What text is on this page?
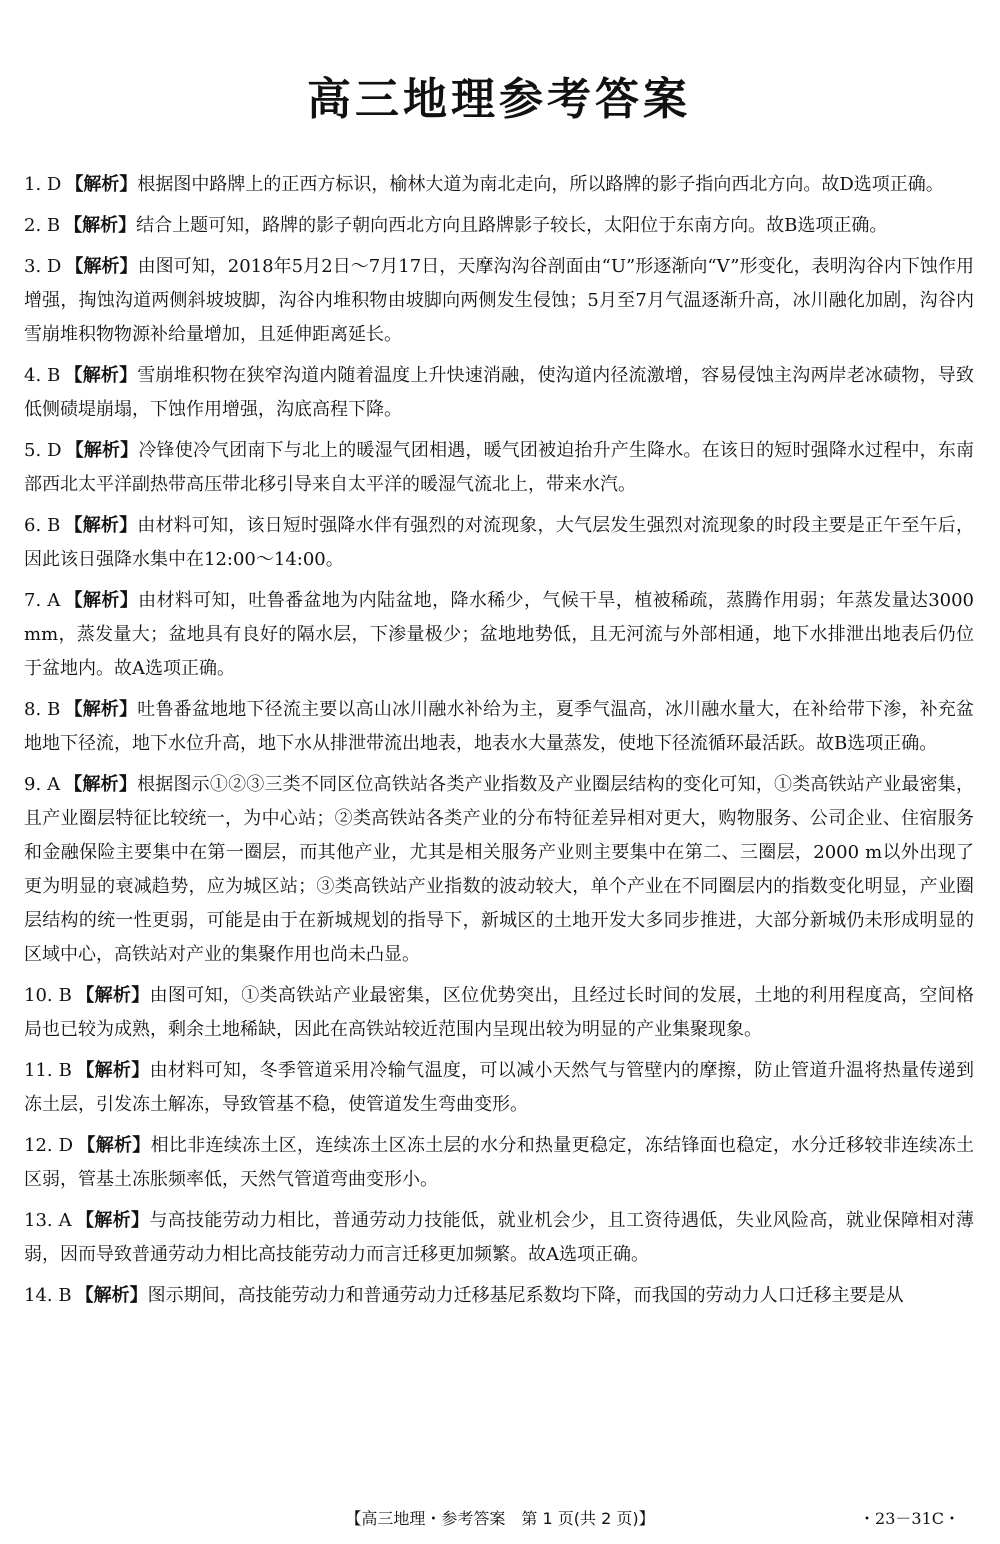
高三地理参考答案

1. D 【解析】根据图中路牌上的正西方标识，榆林大道为南北走向，所以路牌的影子指向西北方向。故D选项正确。

2. B 【解析】结合上题可知，路牌的影子朝向西北方向且路牌影子较长，太阳位于东南方向。故B选项正确。

3. D 【解析】由图可知，2018年5月2日～7月17日，天摩沟沟谷剖面由“U”形逐渐向“V”形变化，表明沟谷内下蚀作用增强，掏蚀沟道两侧斜坡坡脚，沟谷内堆积物由坡脚向两侧发生侵蚀；5月至7月气温逐渐升高，冰川融化加剧，沟谷内雪崩堆积物物源补给量增加，且延伸距离延长。

4. B 【解析】雪崩堆积物在狭窄沟道内随着温度上升快速消融，使沟道内径流激增，容易侵蚀主沟两岸老冰碛物，导致低侧碛堤崩塌，下蚀作用增强，沟底高程下降。

5. D 【解析】冷锋使冷气团南下与北上的暖湿气团相遇，暖气团被迫抬升产生降水。在该日的短时强降水过程中，东南部西北太平洋副热带高压带北移引导来自太平洋的暖湿气流北上，带来水汽。

6. B 【解析】由材料可知，该日短时强降水伴有强烈的对流现象，大气层发生强烈对流现象的时段主要是正午至午后，因此该日强降水集中在12:00～14:00。

7. A 【解析】由材料可知，吐鲁番盆地为内陆盆地，降水稀少，气候干旱，植被稀疏，蒸腾作用弱；年蒸发量达3000 mm，蒸发量大；盆地具有良好的隔水层，下渗量极少；盆地地势低，且无河流与外部相通，地下水排泄出地表后仍位于盆地内。故A选项正确。

8. B 【解析】吐鲁番盆地地下径流主要以高山冰川融水补给为主，夏季气温高，冰川融水量大，在补给带下渗，补充盆地地下径流，地下水位升高，地下水从排泄带流出地表，地表水大量蒸发，使地下径流循环最活跃。故B选项正确。

9. A 【解析】根据图示①②③三类不同区位高铁站各类产业指数及产业圈层结构的变化可知，①类高铁站产业最密集，且产业圈层特征比较统一，为中心站；②类高铁站各类产业的分布特征差异相对更大，购物服务、公司企业、住宿服务和金融保险主要集中在第一圈层，而其他产业，尤其是相关服务产业则主要集中在第二、三圈层，2000 m以外出现了更为明显的衰减趋势，应为城区站；③类高铁站产业指数的波动较大，单个产业在不同圈层内的指数变化明显，产业圈层结构的统一性更弱，可能是由于在新城规划的指导下，新城区的土地开发大多同步推进，大部分新城仍未形成明显的区域中心，高铁站对产业的集聚作用也尚未凸显。

10. B 【解析】由图可知，①类高铁站产业最密集，区位优势突出，且经过长时间的发展，土地的利用程度高，空间格局也已较为成熟，剩余土地稀缺，因此在高铁站较近范围内呈现出较为明显的产业集聚现象。

11. B 【解析】由材料可知，冬季管道采用冷输气温度，可以减小天然气与管壁内的摩擦，防止管道升温将热量传递到冻土层，引发冻土解冻，导致管基不稳，使管道发生弯曲变形。

12. D 【解析】相比非连续冻土区，连续冻土区冻土层的水分和热量更稳定，冻结锋面也稳定，水分迁移较非连续冻土区弱，管基土冻胀频率低，天然气管道弯曲变形小。

13. A 【解析】与高技能劳动力相比，普通劳动力技能低，就业机会少，且工资待遇低，失业风险高，就业保障相对薄弱，因而导致普通劳动力相比高技能劳动力而言迁移更加频繁。故A选项正确。

14. B 【解析】图示期间，高技能劳动力和普通劳动力迁移基尼系数均下降，而我国的劳动力人口迁移主要是从

【高三地理・参考答案　第 1 页(共 2 页)】	・23－31C・
